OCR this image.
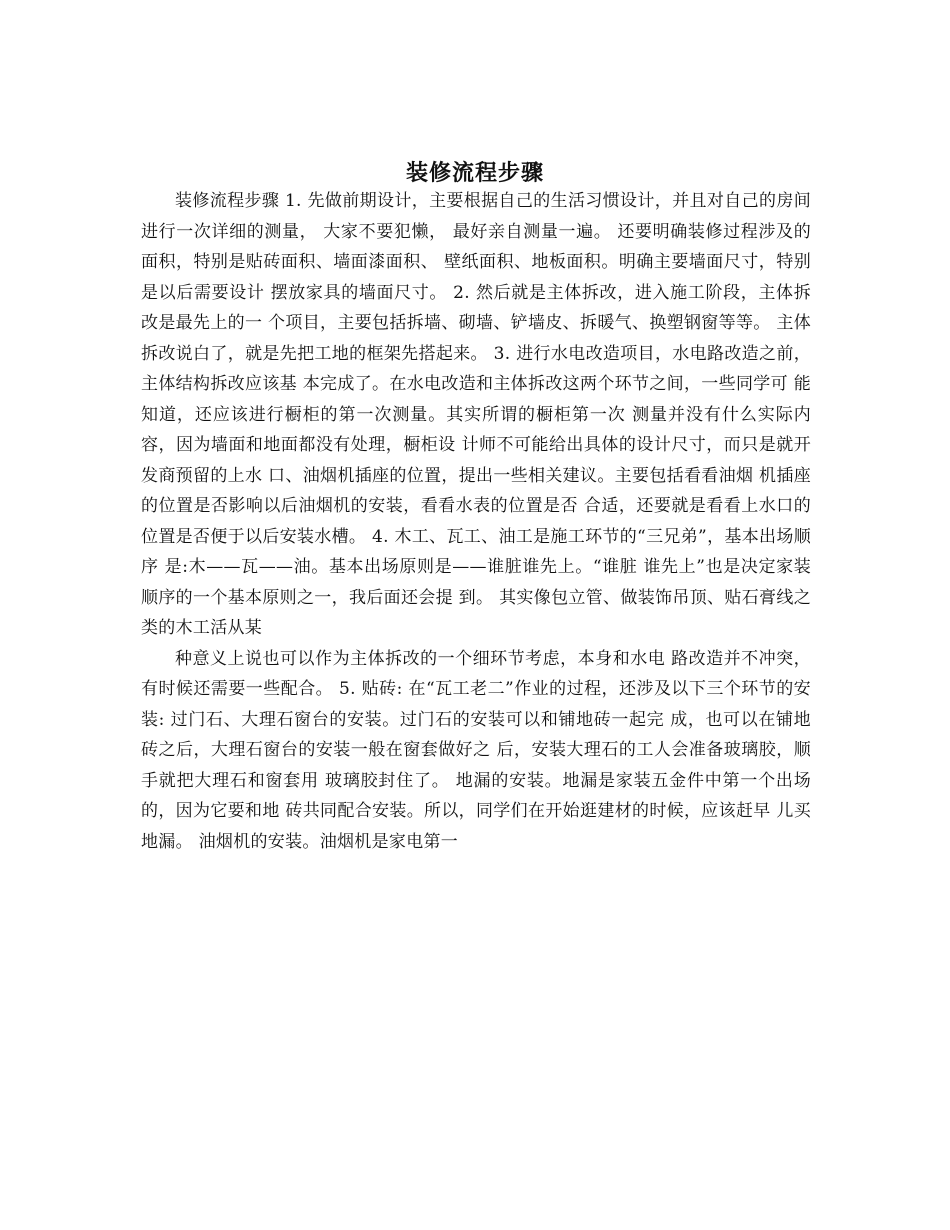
装修流程步骤

装修流程步骤 1. 先做前期设计，主要根据自己的生活习惯设计，并且对自己的房间进行一次详细的测量， 大家不要犯懒， 最好亲自测量一遍。 还要明确装修过程涉及的面积，特别是贴砖面积、墙面漆面积、 壁纸面积、地板面积。明确主要墙面尺寸，特别是以后需要设计 摆放家具的墙面尺寸。 2. 然后就是主体拆改，进入施工阶段，主体拆改是最先上的一 个项目，主要包括拆墙、砌墙、铲墙皮、拆暖气、换塑钢窗等等。 主体拆改说白了，就是先把工地的框架先搭起来。 3. 进行水电改造项目，水电路改造之前，主体结构拆改应该基 本完成了。在水电改造和主体拆改这两个环节之间，一些同学可 能知道，还应该进行橱柜的第一次测量。其实所谓的橱柜第一次 测量并没有什么实际内容，因为墙面和地面都没有处理，橱柜设 计师不可能给出具体的设计尺寸，而只是就开发商预留的上水 口、油烟机插座的位置，提出一些相关建议。主要包括看看油烟 机插座的位置是否影响以后油烟机的安装，看看水表的位置是否 合适，还要就是看看上水口的位置是否便于以后安装水槽。 4. 木工、瓦工、油工是施工环节的“三兄弟”，基本出场顺序 是:木——瓦——油。基本出场原则是——谁脏谁先上。“谁脏 谁先上”也是决定家装顺序的一个基本原则之一，我后面还会提 到。 其实像包立管、做装饰吊顶、贴石膏线之类的木工活从某

种意义上说也可以作为主体拆改的一个细环节考虑，本身和水电 路改造并不冲突，有时候还需要一些配合。 5. 贴砖: 在“瓦工老二”作业的过程，还涉及以下三个环节的安装: 过门石、大理石窗台的安装。过门石的安装可以和铺地砖一起完 成，也可以在铺地砖之后，大理石窗台的安装一般在窗套做好之 后，安装大理石的工人会准备玻璃胶，顺手就把大理石和窗套用 玻璃胶封住了。 地漏的安装。地漏是家装五金件中第一个出场的，因为它要和地 砖共同配合安装。所以，同学们在开始逛建材的时候，应该赶早 儿买地漏。 油烟机的安装。油烟机是家电第一
